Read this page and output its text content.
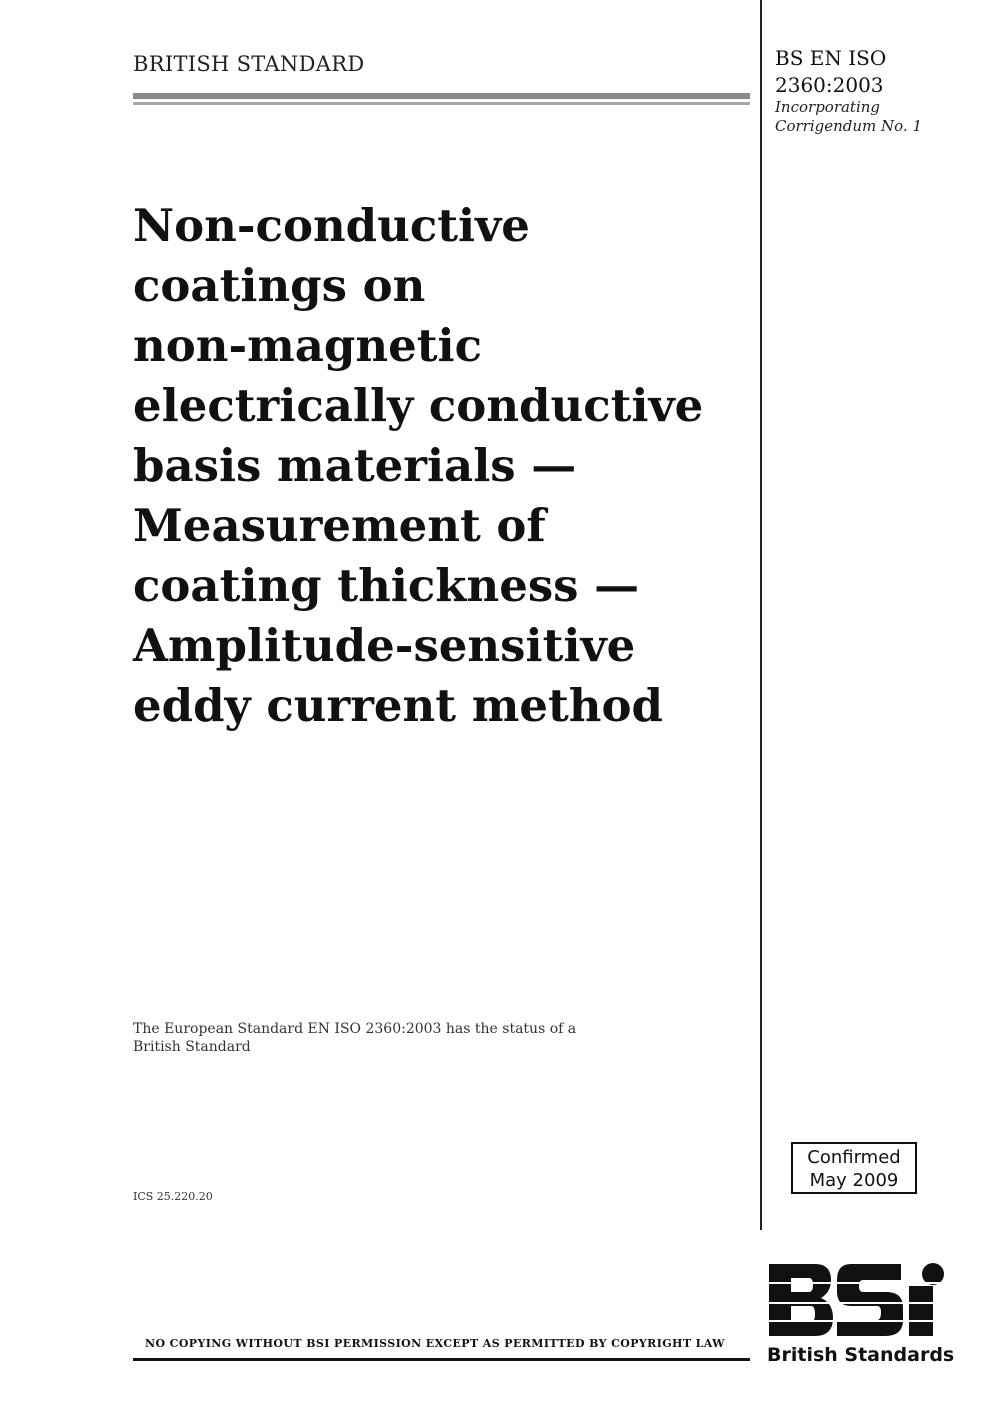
BRITISH STANDARD	BS EN ISO
2360:2003
Incorporating
Corrigendum No. 1
Non-conductive
coatings on
non-magnetic
electrically conductive
basis materials —
Measurement of
coating thickness —
Amplitude-sensitive
eddy current method
The European Standard EN ISO 2360:2003 has the status of a
British Standard
ICS 25.220.20
Confirmed
May 2009
British Standards
NO COPYING WITHOUT BSI PERMISSION EXCEPT AS PERMITTED BY COPYRIGHT LAW
